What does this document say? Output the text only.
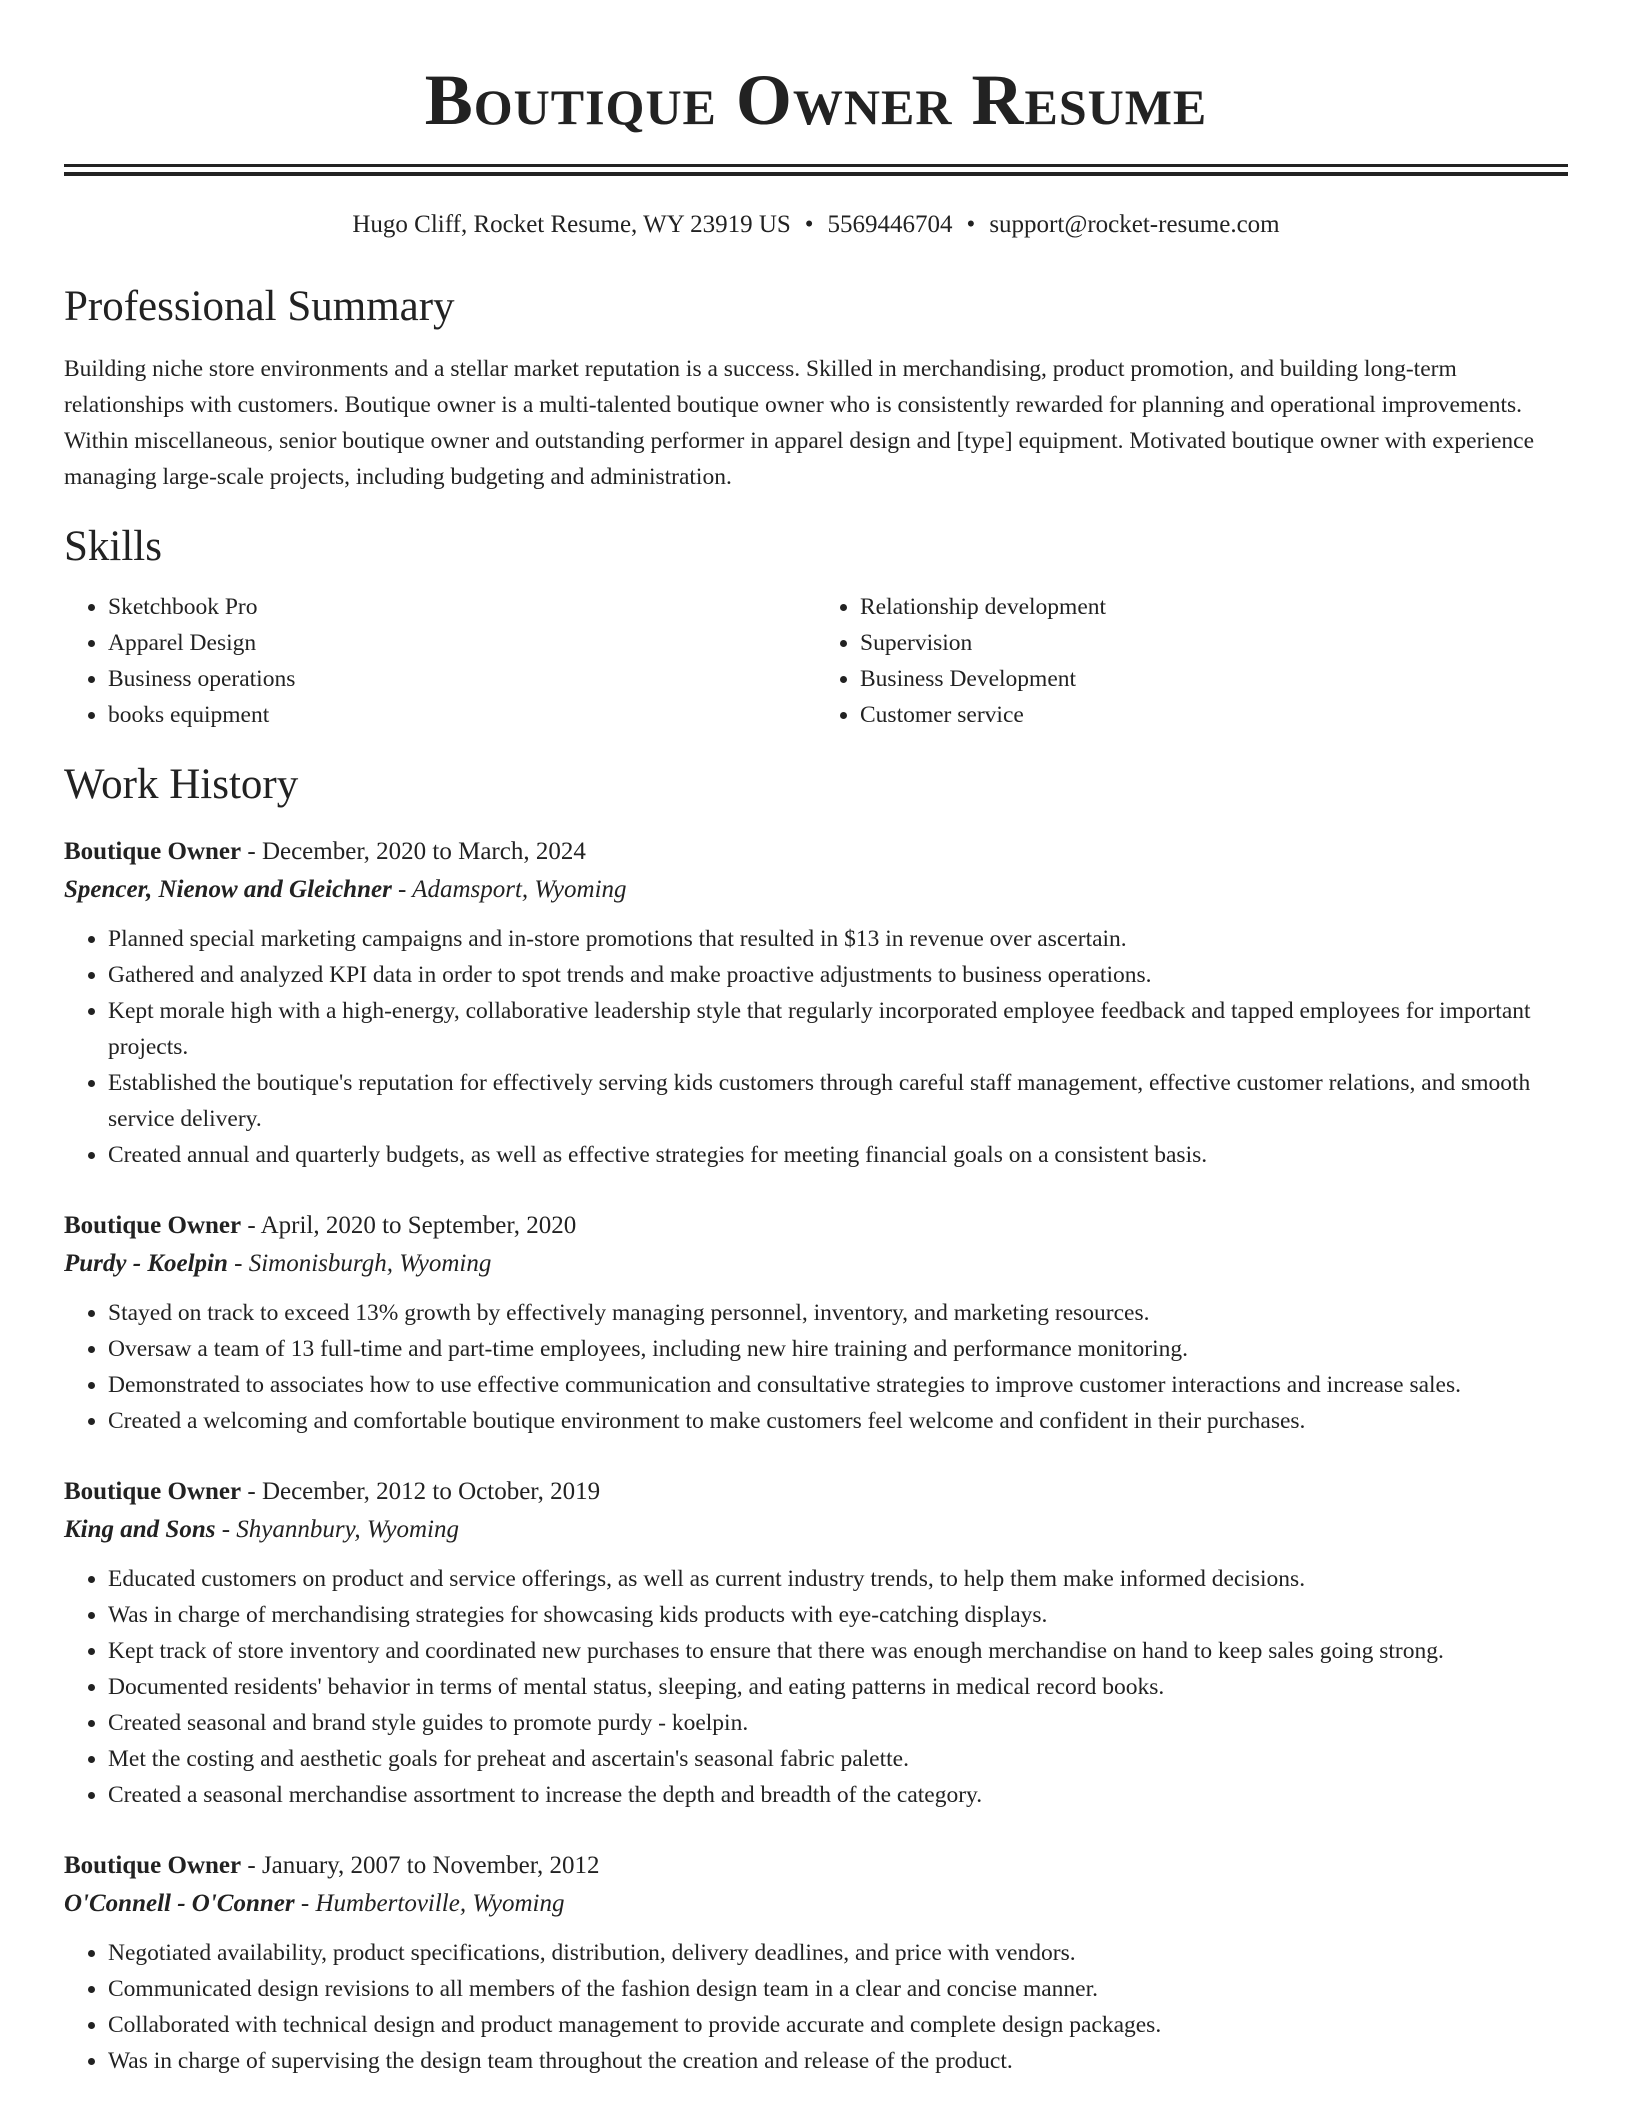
Boutique Owner Resume
Hugo Cliff, Rocket Resume, WY 23919 US • 5569446704 • support@rocket-resume.com
Professional Summary

Building niche store environments and a stellar market reputation is a success. Skilled in merchandising, product promotion, and building long-term relationships with customers. Boutique owner is a multi-talented boutique owner who is consistently rewarded for planning and operational improvements. Within miscellaneous, senior boutique owner and outstanding performer in apparel design and [type] equipment. Motivated boutique owner with experience managing large-scale projects, including budgeting and administration.

Skills
• Sketchbook Pro
• Apparel Design
• Business operations
• books equipment
• Relationship development
• Supervision
• Business Development
• Customer service
Work History
Boutique Owner - December, 2020 to March, 2024
Spencer, Nienow and Gleichner - Adamsport, Wyoming
• Planned special marketing campaigns and in-store promotions that resulted in $13 in revenue over ascertain.
• Gathered and analyzed KPI data in order to spot trends and make proactive adjustments to business operations.
• Kept morale high with a high-energy, collaborative leadership style that regularly incorporated employee feedback and tapped employees for important projects.
• Established the boutique's reputation for effectively serving kids customers through careful staff management, effective customer relations, and smooth service delivery.
• Created annual and quarterly budgets, as well as effective strategies for meeting financial goals on a consistent basis.
Boutique Owner - April, 2020 to September, 2020
Purdy - Koelpin - Simonisburgh, Wyoming
• Stayed on track to exceed 13% growth by effectively managing personnel, inventory, and marketing resources.
• Oversaw a team of 13 full-time and part-time employees, including new hire training and performance monitoring.
• Demonstrated to associates how to use effective communication and consultative strategies to improve customer interactions and increase sales.
• Created a welcoming and comfortable boutique environment to make customers feel welcome and confident in their purchases.
Boutique Owner - December, 2012 to October, 2019
King and Sons - Shyannbury, Wyoming
• Educated customers on product and service offerings, as well as current industry trends, to help them make informed decisions.
• Was in charge of merchandising strategies for showcasing kids products with eye-catching displays.
• Kept track of store inventory and coordinated new purchases to ensure that there was enough merchandise on hand to keep sales going strong.
• Documented residents' behavior in terms of mental status, sleeping, and eating patterns in medical record books.
• Created seasonal and brand style guides to promote purdy - koelpin.
• Met the costing and aesthetic goals for preheat and ascertain's seasonal fabric palette.
• Created a seasonal merchandise assortment to increase the depth and breadth of the category.
Boutique Owner - January, 2007 to November, 2012
O'Connell - O'Conner - Humbertoville, Wyoming
• Negotiated availability, product specifications, distribution, delivery deadlines, and price with vendors.
• Communicated design revisions to all members of the fashion design team in a clear and concise manner.
• Collaborated with technical design and product management to provide accurate and complete design packages.
• Was in charge of supervising the design team throughout the creation and release of the product.
